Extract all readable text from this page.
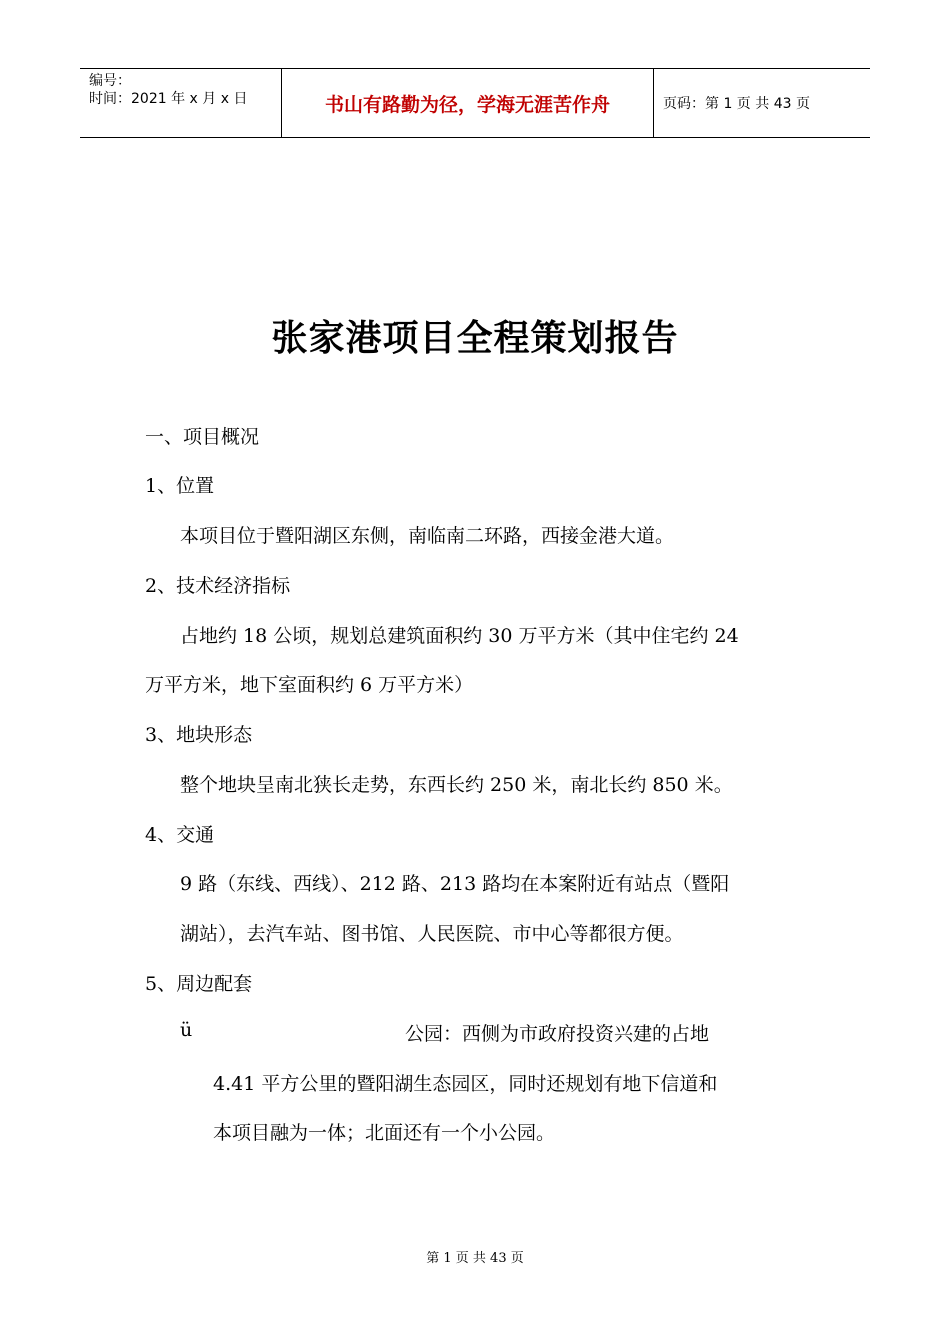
编号：
时间：2021 年 x 月 x 日	书山有路勤为径，学海无涯苦作舟	页码：第 1 页 共 43 页
张家港项目全程策划报告
一、项目概况
1、位置
本项目位于暨阳湖区东侧，南临南二环路，西接金港大道。
2、技术经济指标
占地约 18 公顷，规划总建筑面积约 30 万平方米（其中住宅约 24
万平方米，地下室面积约 6 万平方米）
3、地块形态
整个地块呈南北狭长走势，东西长约 250 米，南北长约 850 米。
4、交通
9 路（东线、西线）、212 路、213 路均在本案附近有站点（暨阳
湖站），去汽车站、图书馆、人民医院、市中心等都很方便。
5、周边配套
ü	公园：西侧为市政府投资兴建的占地
4.41 平方公里的暨阳湖生态园区，同时还规划有地下信道和
本项目融为一体；北面还有一个小公园。
第 1 页 共 43 页
